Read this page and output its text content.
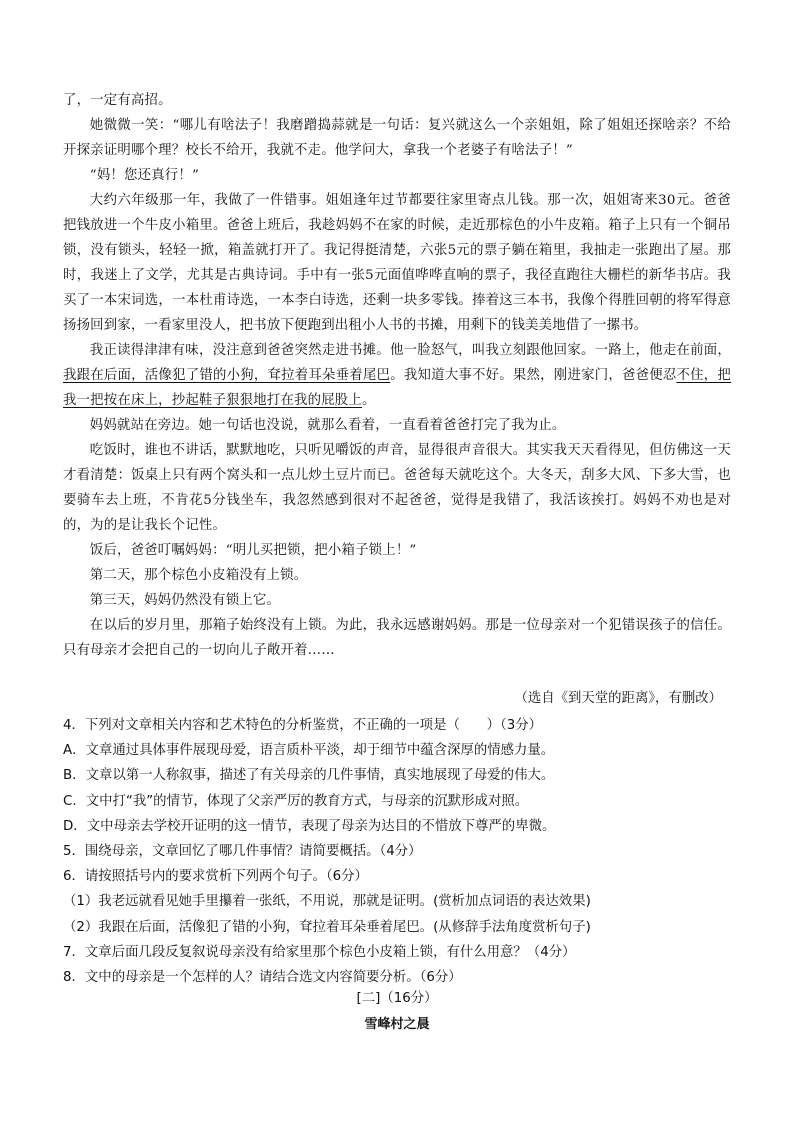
了，一定有高招。

她微微一笑：“哪儿有啥法子！我磨蹭捣蒜就是一句话：复兴就这么一个亲姐姐，除了姐姐还探啥亲？不给开探亲证明哪个理？校长不给开，我就不走。他学问大，拿我一个老婆子有啥法子！”

“妈！您还真行！”

大约六年级那一年，我做了一件错事。姐姐逢年过节都要往家里寄点儿钱。那一次，姐姐寄来30元。爸爸把钱放进一个牛皮小箱里。爸爸上班后，我趁妈妈不在家的时候，走近那棕色的小牛皮箱。箱子上只有一个铜吊锁，没有锁头，轻轻一掀，箱盖就打开了。我记得挺清楚，六张5元的票子躺在箱里，我抽走一张跑出了屋。那时，我迷上了文学，尤其是古典诗词。手中有一张5元面值哗哗直响的票子，我径直跑往大栅栏的新华书店。我买了一本宋词选，一本杜甫诗选，一本李白诗选，还剩一块多零钱。捧着这三本书，我像个得胜回朝的将军得意扬扬回到家，一看家里没人，把书放下便跑到出租小人书的书摊，用剩下的钱美美地借了一摞书。

我正读得津津有味，没注意到爸爸突然走进书摊。他一脸怒气，叫我立刻跟他回家。一路上，他走在前面，我跟在后面，活像犯了错的小狗，耷拉着耳朵垂着尾巴。我知道大事不好。果然，刚进家门，爸爸便忍不住，把我一把按在床上，抄起鞋子狠狠地打在我的屁股上。

妈妈就站在旁边。她一句话也没说，就那么看着，一直看着爸爸打完了我为止。

吃饭时，谁也不讲话，默默地吃，只听见嚼饭的声音，显得很声音很大。其实我天天看得见，但仿佛这一天才看清楚：饭桌上只有两个窝头和一点儿炒土豆片而已。爸爸每天就吃这个。大冬天，刮多大风、下多大雪，也要骑车去上班，不肯花5分钱坐车，我忽然感到很对不起爸爸，觉得是我错了，我活该挨打。妈妈不劝也是对的，为的是让我长个记性。

饭后，爸爸叮嘱妈妈：“明儿买把锁，把小箱子锁上！”

第二天，那个棕色小皮箱没有上锁。

第三天，妈妈仍然没有锁上它。

在以后的岁月里，那箱子始终没有上锁。为此，我永远感谢妈妈。那是一位母亲对一个犯错误孩子的信任。只有母亲才会把自己的一切向儿子敞开着……

（选自《到天堂的距离》，有删改）
4．下列对文章相关内容和艺术特色的分析鉴赏，不正确的一项是（　　）（3分）
A．文章通过具体事件展现母爱，语言质朴平淡，却于细节中蕴含深厚的情感力量。
B．文章以第一人称叙事，描述了有关母亲的几件事情，真实地展现了母爱的伟大。
C．文中打“我”的情节，体现了父亲严厉的教育方式，与母亲的沉默形成对照。
D．文中母亲去学校开证明的这一情节，表现了母亲为达目的不惜放下尊严的卑微。
5．围绕母亲，文章回忆了哪几件事情？请简要概括。（4分）
6．请按照括号内的要求赏析下列两个句子。（6分）
（1）我老远就看见她手里攥着一张纸，不用说，那就是证明。(赏析加点词语的表达效果)
（2）我跟在后面，活像犯了错的小狗，耷拉着耳朵垂着尾巴。(从修辞手法角度赏析句子)
7．文章后面几段反复叙说母亲没有给家里那个棕色小皮箱上锁，有什么用意？（4分）
8．文中的母亲是一个怎样的人？请结合选文内容简要分析。（6分）
[二]（16分）
雪峰村之晨
